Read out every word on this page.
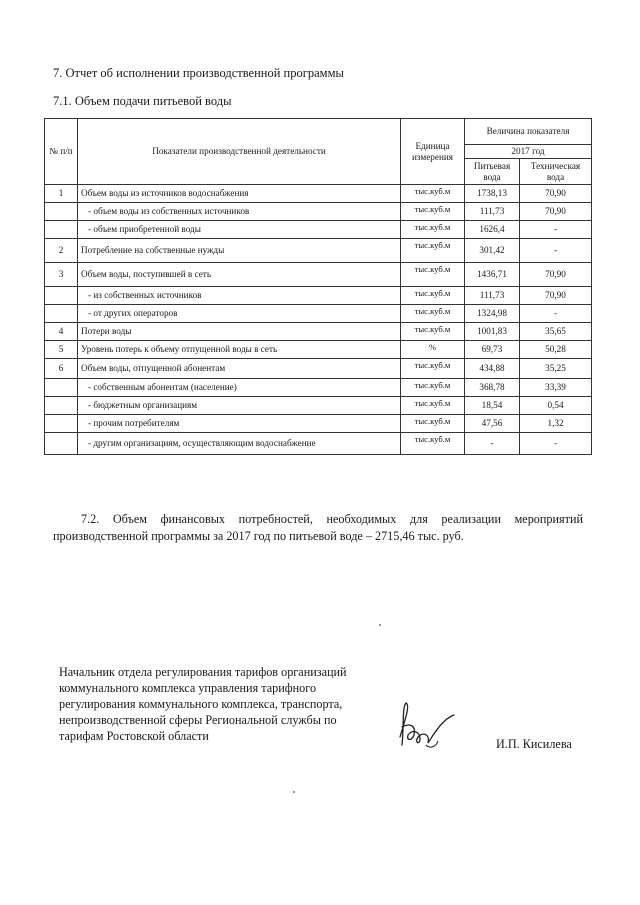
7. Отчет об исполнении производственной программы
7.1. Объем подачи питьевой воды
№ п/п	Показатели производственной деятельности	Единица измерения	Величина показателя	
			2017 год	
			Питьевая вода	Техническая вода
1	Объем воды из источников водоснабжения	тыс.куб.м	1738,13	70,90
	- объем воды из собственных источников	тыс.куб.м	111,73	70,90
	- объем приобретенной воды	тыс.куб.м	1626,4	-
2	Потребление на собственные нужды	тыс.куб.м	301,42	-
3	Объем воды, поступившей в сеть	тыс.куб.м	1436,71	70,90
	- из собственных источников	тыс.куб.м	111,73	70,90
	- от других операторов	тыс.куб.м	1324,98	-
4	Потери воды	тыс.куб.м	1001,83	35,65
5	Уровень потерь к объему отпущенной воды в сеть	%	69,73	50,28
6	Объем воды, отпущенной абонентам	тыс.куб.м	434,88	35,25
	- собственным абонентам (население)	тыс.куб.м	368,78	33,39
	- бюджетным организациям	тыс.куб.м	18,54	0,54
	- прочим потребителям	тыс.куб.м	47,56	1,32
	- другим организациям, осуществляющим водоснабжение	тыс.куб.м	-	-
7.2. Объем финансовых потребностей, необходимых для реализации мероприятий производственной программы за 2017 год по питьевой воде – 2715,46 тыс. руб.
Начальник отдела регулирования тарифов организаций коммунального комплекса управления тарифного регулирования коммунального комплекса, транспорта, непроизводственной сферы Региональной службы по тарифам Ростовской области
И.П. Кисилева
